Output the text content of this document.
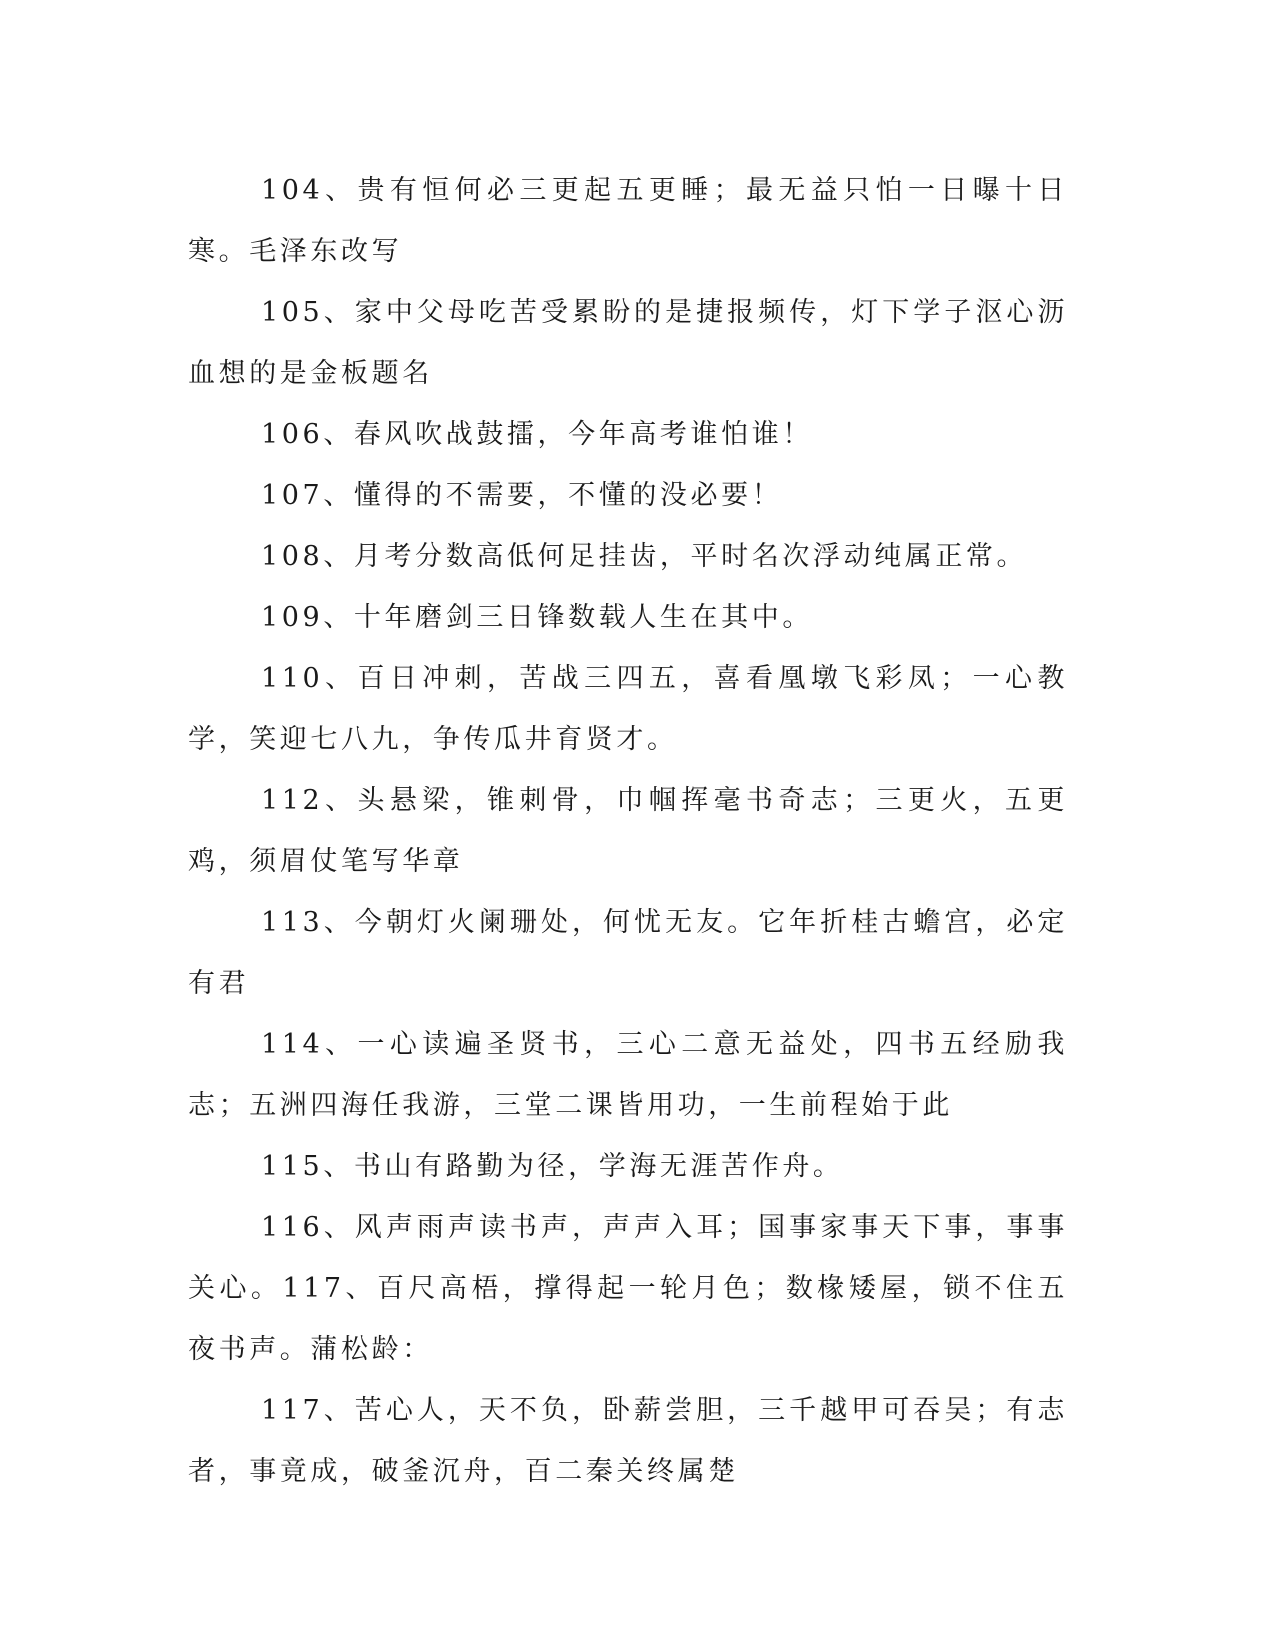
104、贵有恒何必三更起五更睡；最无益只怕一日曝十日寒。毛泽东改写

105、家中父母吃苦受累盼的是捷报频传，灯下学子沤心沥血想的是金板题名

106、春风吹战鼓擂，今年高考谁怕谁！

107、懂得的不需要，不懂的没必要！

108、月考分数高低何足挂齿，平时名次浮动纯属正常。

109、十年磨剑三日锋数载人生在其中。

110、百日冲刺，苦战三四五，喜看凰墩飞彩凤；一心教学，笑迎七八九，争传瓜井育贤才。

112、头悬梁，锥刺骨，巾帼挥毫书奇志；三更火，五更鸡，须眉仗笔写华章

113、今朝灯火阑珊处，何忧无友。它年折桂古蟾宫，必定有君

114、一心读遍圣贤书，三心二意无益处，四书五经励我志；五洲四海任我游，三堂二课皆用功，一生前程始于此

115、书山有路勤为径，学海无涯苦作舟。

116、风声雨声读书声，声声入耳；国事家事天下事，事事关心。117、百尺高梧，撑得起一轮月色；数椽矮屋，锁不住五夜书声。蒲松龄：

117、苦心人，天不负，卧薪尝胆，三千越甲可吞吴；有志者，事竟成，破釜沉舟，百二秦关终属楚
